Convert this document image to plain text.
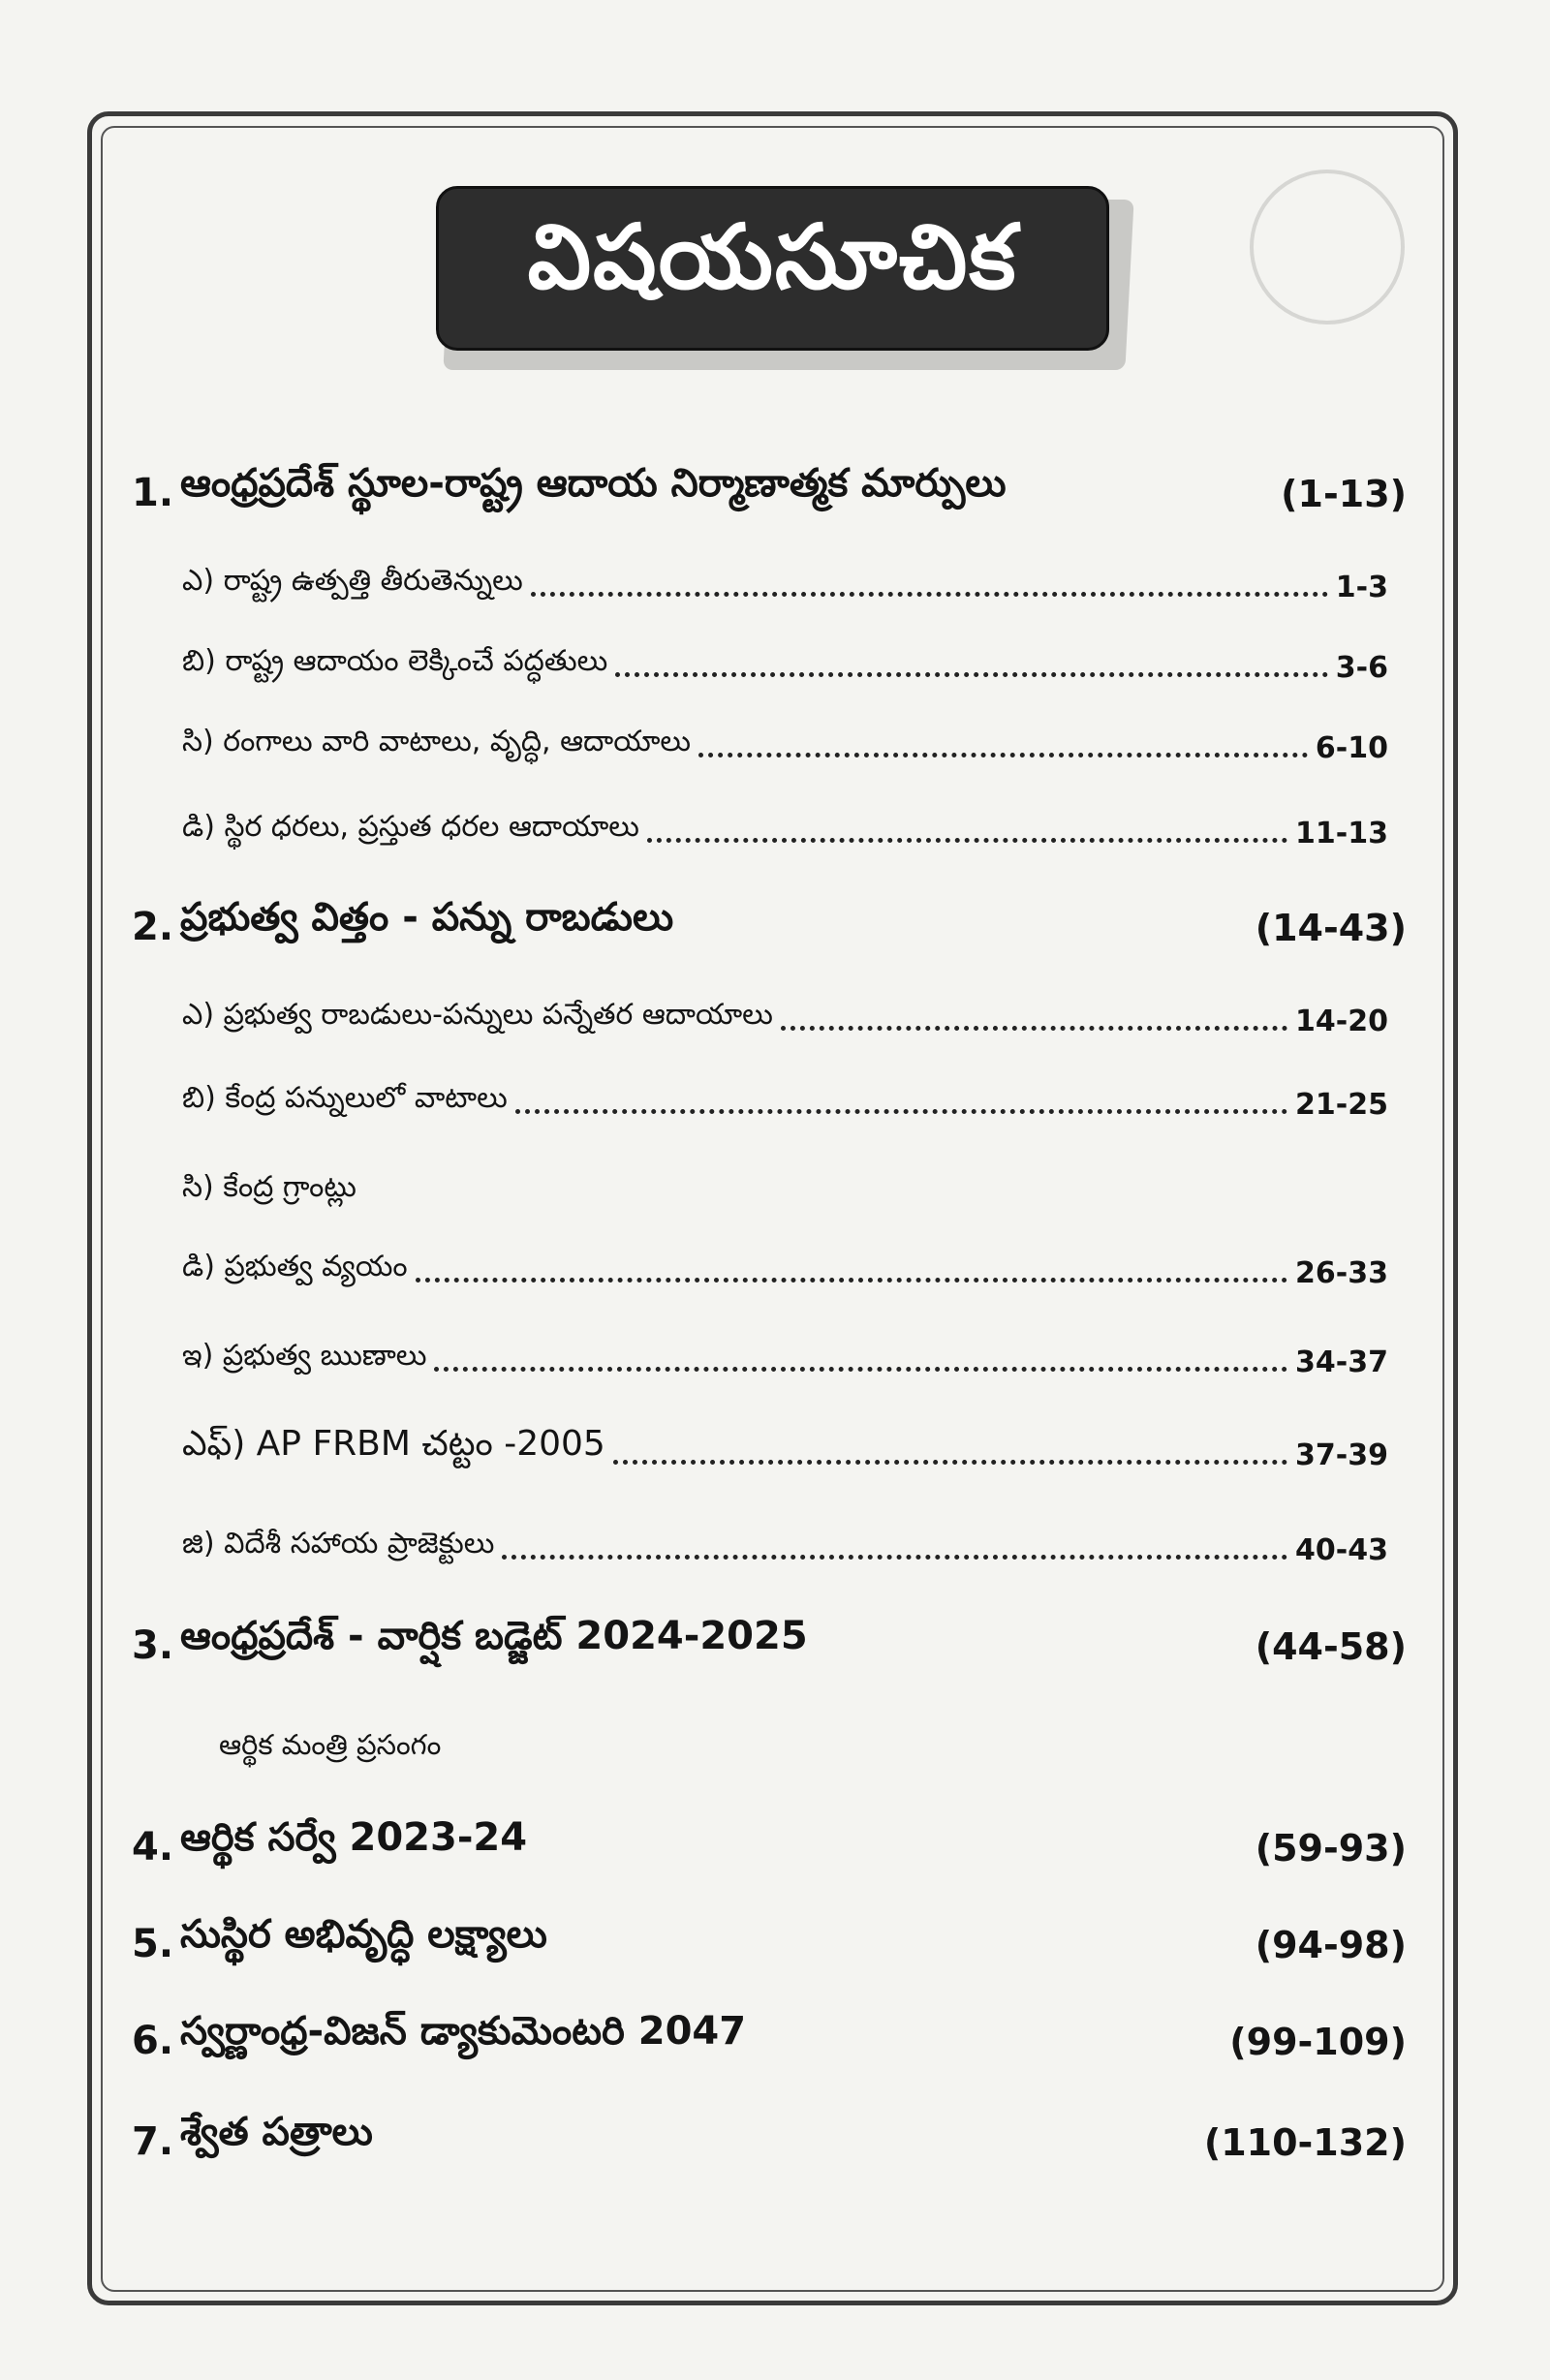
విషయసూచిక
1. ఆంధ్రప్రదేశ్ స్థూల-రాష్ట్ర ఆదాయ నిర్మాణాత్మక మార్పులు	(1-13)
ఎ) రాష్ట్ర ఉత్పత్తి తీరుతెన్నులు	1-3
బి) రాష్ట్ర ఆదాయం లెక్కించే పద్ధతులు	3-6
సి) రంగాలు వారి వాటాలు, వృద్ధి, ఆదాయాలు	6-10
డి) స్థిర ధరలు, ప్రస్తుత ధరల ఆదాయాలు	11-13
2. ప్రభుత్వ విత్తం - పన్ను రాబడులు	(14-43)
ఎ) ప్రభుత్వ రాబడులు-పన్నులు పన్నేతర ఆదాయాలు	14-20
బి) కేంద్ర పన్నులులో వాటాలు	21-25
సి) కేంద్ర గ్రాంట్లు
డి) ప్రభుత్వ వ్యయం	26-33
ఇ) ప్రభుత్వ ఋణాలు	34-37
ఎఫ్) AP FRBM చట్టం -2005	37-39
జి) విదేశీ సహాయ ప్రాజెక్టులు	40-43
3. ఆంధ్రప్రదేశ్ - వార్షిక బడ్జెట్ 2024-2025	(44-58)
ఆర్థిక మంత్రి ప్రసంగం
4. ఆర్థిక సర్వే 2023-24	(59-93)
5. సుస్థిర అభివృద్ధి లక్ష్యాలు	(94-98)
6. స్వర్ణాంధ్ర-విజన్ డ్యాకుమెంటరి 2047	(99-109)
7. శ్వేత పత్రాలు	(110-132)
